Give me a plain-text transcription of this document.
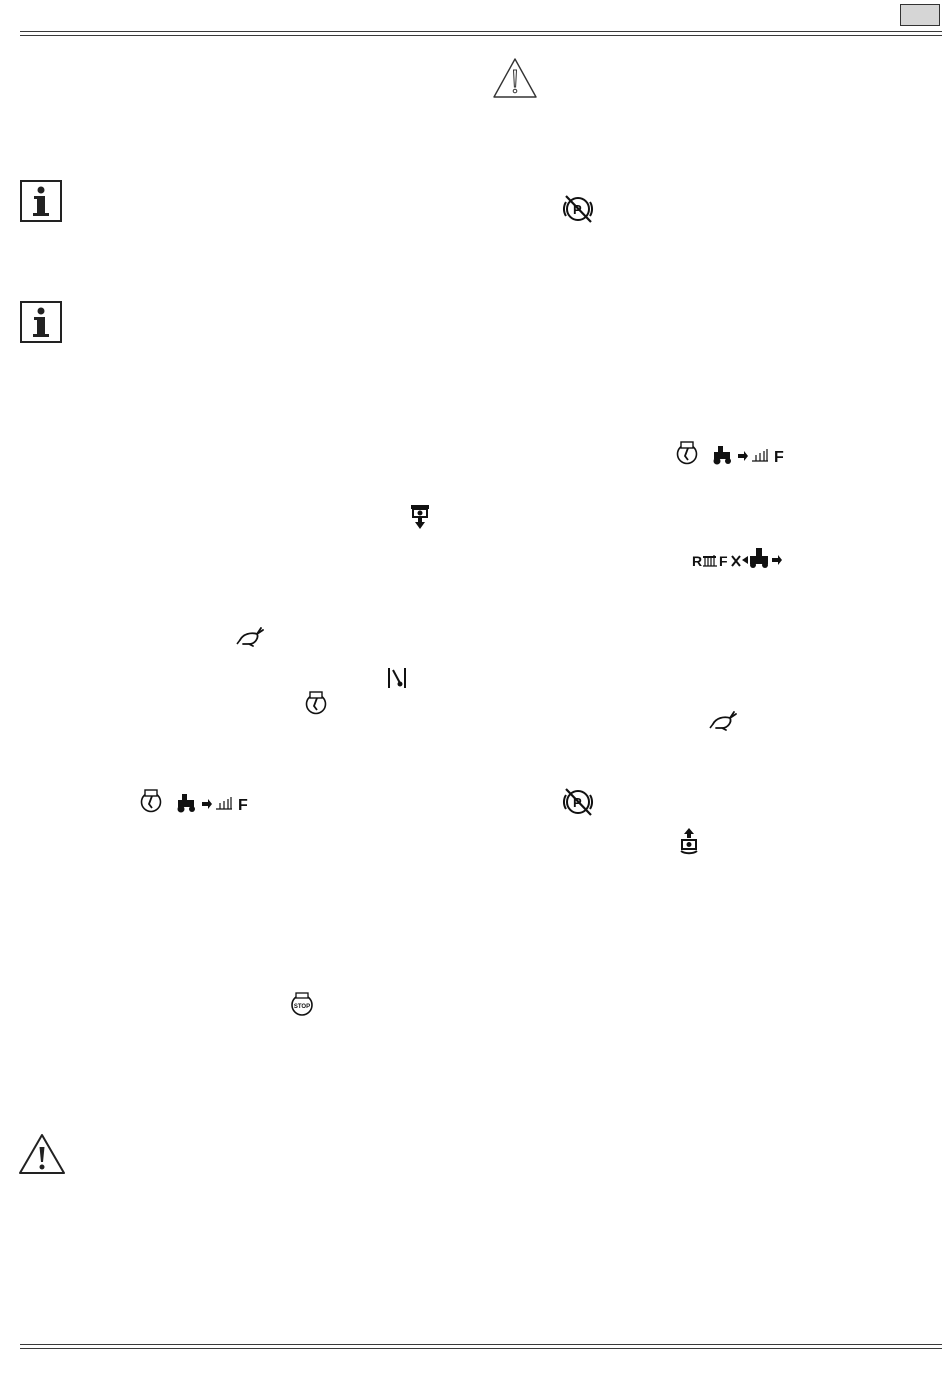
P
P
F
R F
F
STOP
